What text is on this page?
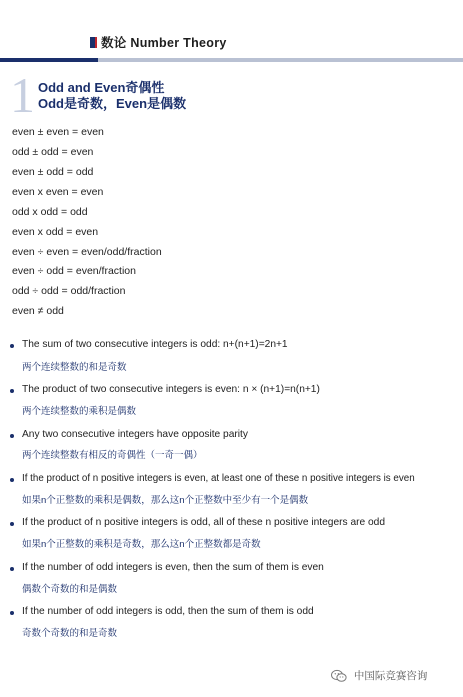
数论 Number Theory
1 Odd and Even奇偶性
Odd是奇数，Even是偶数
even ± even = even
odd ± odd = even
even ± odd = odd
even x even = even
odd x odd = odd
even x odd = even
even ÷ even = even/odd/fraction
even ÷ odd = even/fraction
odd ÷ odd = odd/fraction
even ≠ odd
The sum of two consecutive integers is odd: n+(n+1)=2n+1
两个连续整数的和是奇数
The product of two consecutive integers is even: n × (n+1)=n(n+1)
两个连续整数的乘积是偶数
Any two consecutive integers have opposite parity
两个连续整数有相反的奇偶性（一奇一偶）
If the product of n positive integers is even, at least one of these n positive integers is even
如果n个正整数的乘积是偶数，那么这n个正整数中至少有一个是偶数
If the product of n positive integers is odd, all of these n positive integers are odd
如果n个正整数的乘积是奇数，那么这n个正整数都是奇数
If the number of odd integers is even, then the sum of them is even
偶数个奇数的和是偶数
If the number of odd integers is odd, then the sum of them is odd
奇数个奇数的和是奇数
中国际竞赛咨询
